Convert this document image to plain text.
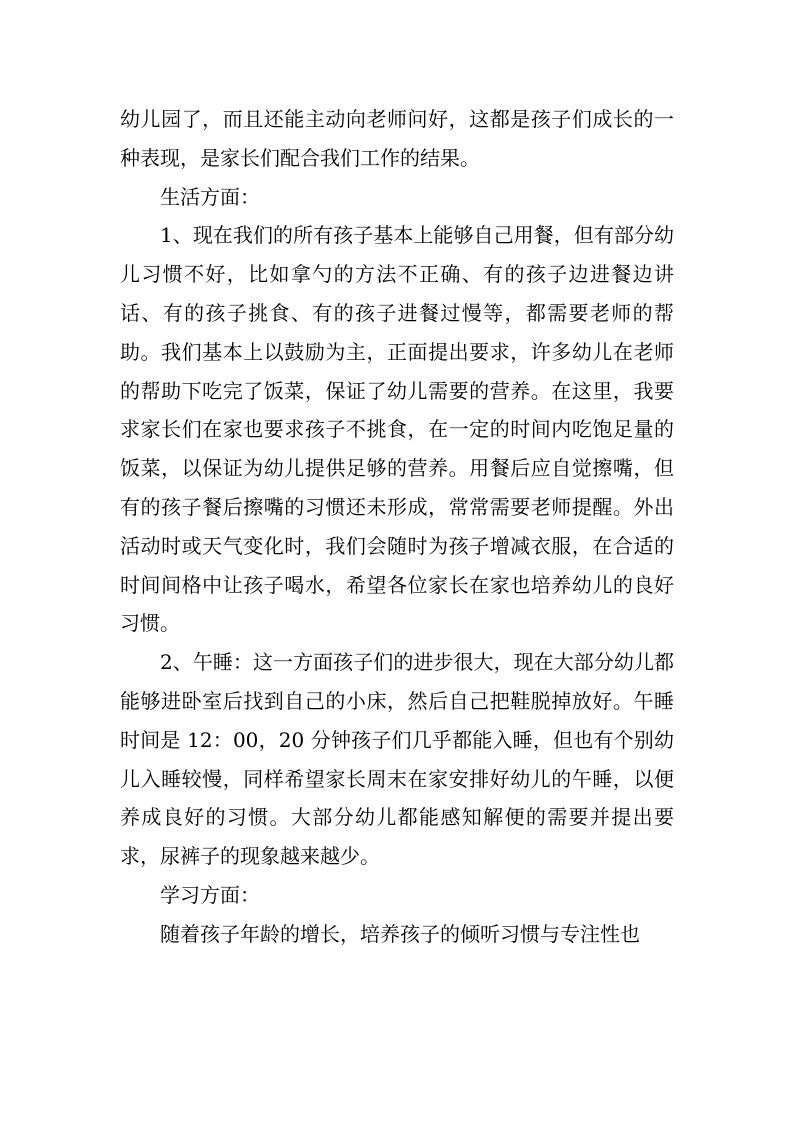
幼儿园了，而且还能主动向老师问好，这都是孩子们成长的一种表现，是家长们配合我们工作的结果。

生活方面：

1、现在我们的所有孩子基本上能够自己用餐，但有部分幼儿习惯不好，比如拿勺的方法不正确、有的孩子边进餐边讲话、有的孩子挑食、有的孩子进餐过慢等，都需要老师的帮助。我们基本上以鼓励为主，正面提出要求，许多幼儿在老师的帮助下吃完了饭菜，保证了幼儿需要的营养。在这里，我要求家长们在家也要求孩子不挑食，在一定的时间内吃饱足量的饭菜，以保证为幼儿提供足够的营养。用餐后应自觉擦嘴，但有的孩子餐后擦嘴的习惯还未形成，常常需要老师提醒。外出活动时或天气变化时，我们会随时为孩子增减衣服，在合适的时间间格中让孩子喝水，希望各位家长在家也培养幼儿的良好习惯。

2、午睡：这一方面孩子们的进步很大，现在大部分幼儿都能够进卧室后找到自己的小床，然后自己把鞋脱掉放好。午睡时间是 12：00，20 分钟孩子们几乎都能入睡，但也有个别幼儿入睡较慢，同样希望家长周末在家安排好幼儿的午睡，以便养成良好的习惯。大部分幼儿都能感知解便的需要并提出要求，尿裤子的现象越来越少。

学习方面：

随着孩子年龄的增长，培养孩子的倾听习惯与专注性也
